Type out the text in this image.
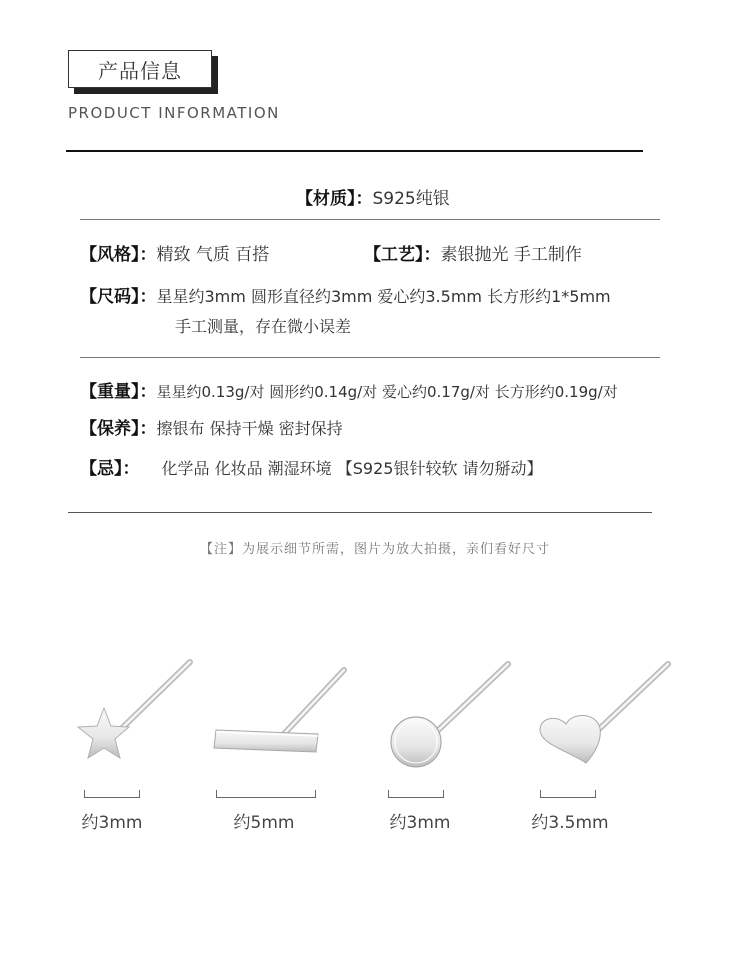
产品信息
PRODUCT INFORMATION
【材质】：S925纯银
【风格】：精致 气质 百搭	【工艺】：素银抛光 手工制作
【尺码】：星星约3mm 圆形直径约3mm 爱心约3.5mm 长方形约1*5mm
手工测量，存在微小误差
【重量】：星星约0.13g/对 圆形约0.14g/对 爱心约0.17g/对 长方形约0.19g/对
【保养】：擦银布 保持干燥 密封保持
【忌】： 化学品 化妆品 潮湿环境 【S925银针较软 请勿掰动】
【注】为展示细节所需，图片为放大拍摄，亲们看好尺寸
约3mm	约5mm	约3mm	约3.5mm
